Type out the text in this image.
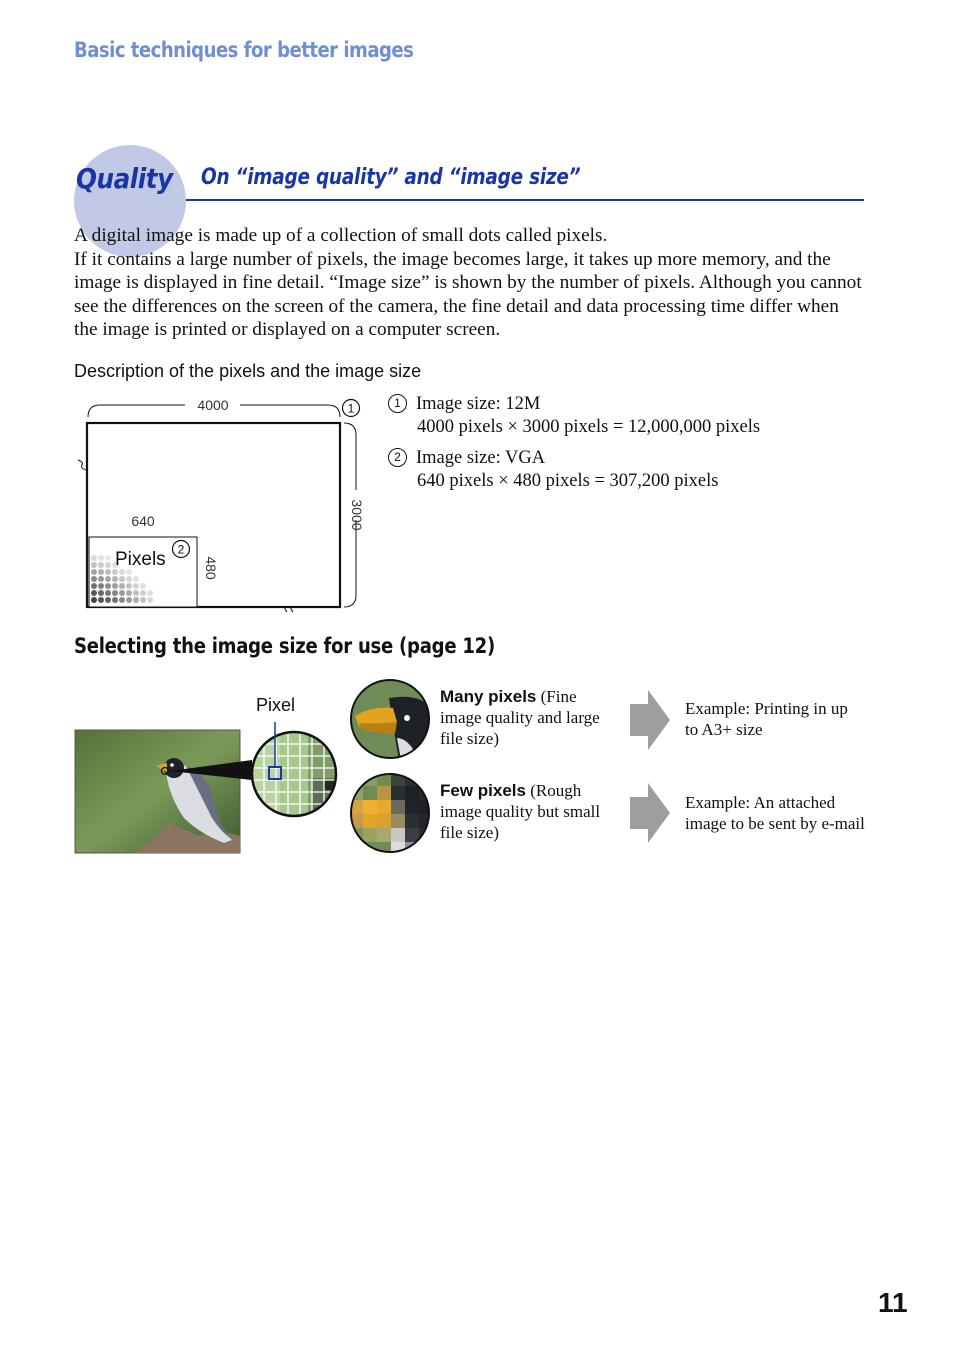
Basic techniques for better images
Quality On “image quality” and “image size”

A digital image is made up of a collection of small dots called pixels.

If it contains a large number of pixels, the image becomes large, it takes up more memory, and the image is displayed in fine detail. “Image size” is shown by the number of pixels. Although you cannot see the differences on the screen of the camera, the fine detail and data processing time differ when the image is printed or displayed on a computer screen.

Description of the pixels and the image size
4000
3000
640
480
Pixels
1
2
1 Image size: 12M
4000 pixels × 3000 pixels = 12,000,000 pixels
2 Image size: VGA
640 pixels × 480 pixels = 307,200 pixels
Selecting the image size for use (page 12)
Pixel	Many pixels (Fine image quality and large file size)
Few pixels (Rough image quality but small file size)
Example: Printing in up to A3+ size
Example: An attached image to be sent by e-mail
11
